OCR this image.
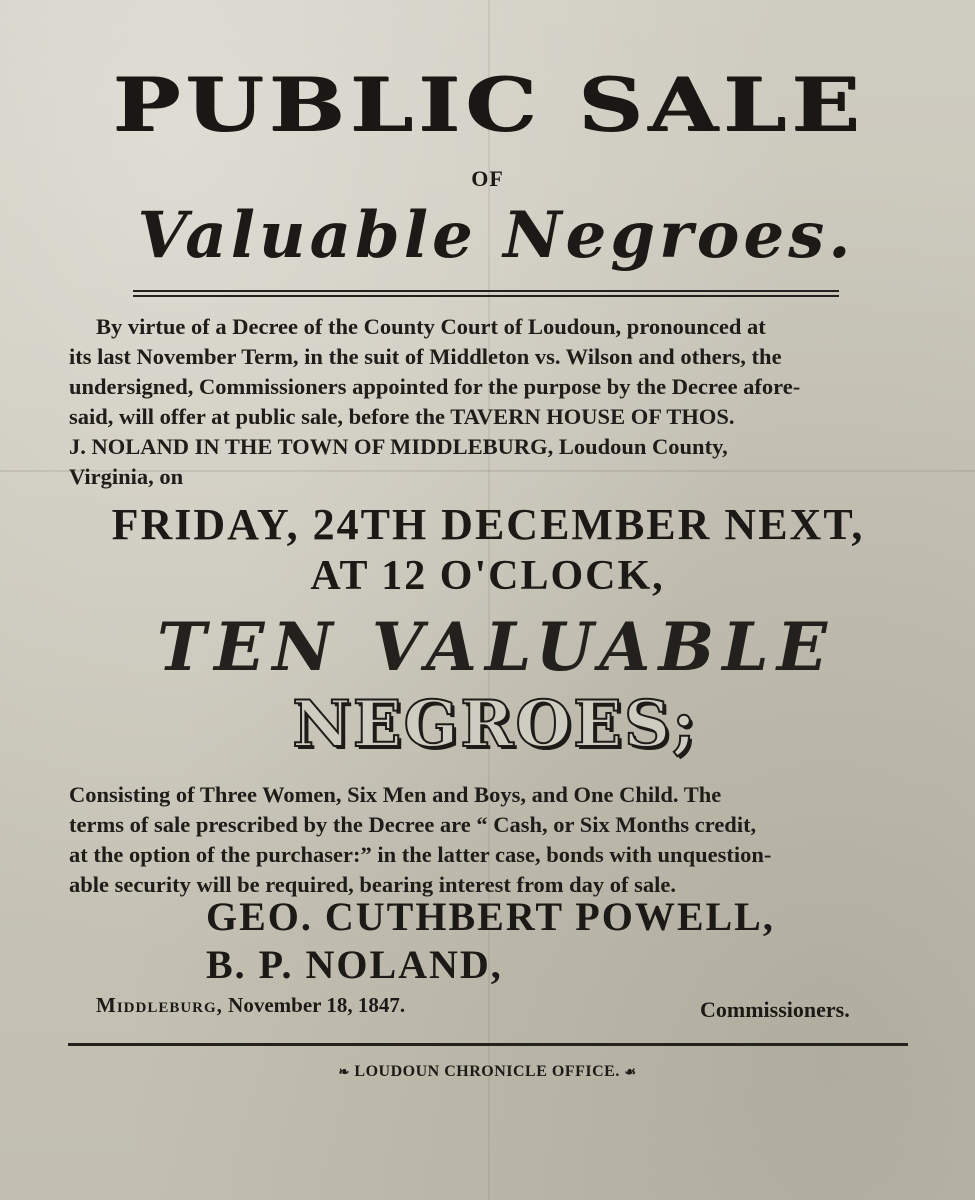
PUBLIC SALE
OF
Valuable Negroes.
By virtue of a Decree of the County Court of Loudoun, pronounced at
its last November Term, in the suit of Middleton vs. Wilson and others, the
undersigned, Commissioners appointed for the purpose by the Decree afore-
said, will offer at public sale, before the TAVERN HOUSE OF THOS.
J. NOLAND IN THE TOWN OF MIDDLEBURG, Loudoun County,
Virginia, on
FRIDAY, 24TH DECEMBER NEXT,
AT 12 O'CLOCK,
TEN VALUABLE
NEGROES;
Consisting of Three Women, Six Men and Boys, and One Child. The
terms of sale prescribed by the Decree are “ Cash, or Six Months credit,
at the option of the purchaser:” in the latter case, bonds with unquestion-
able security will be required, bearing interest from day of sale.
GEO. CUTHBERT POWELL,
B. P. NOLAND,
Middleburg, November 18, 1847.	Commissioners.
❧ LOUDOUN CHRONICLE OFFICE. ☙
